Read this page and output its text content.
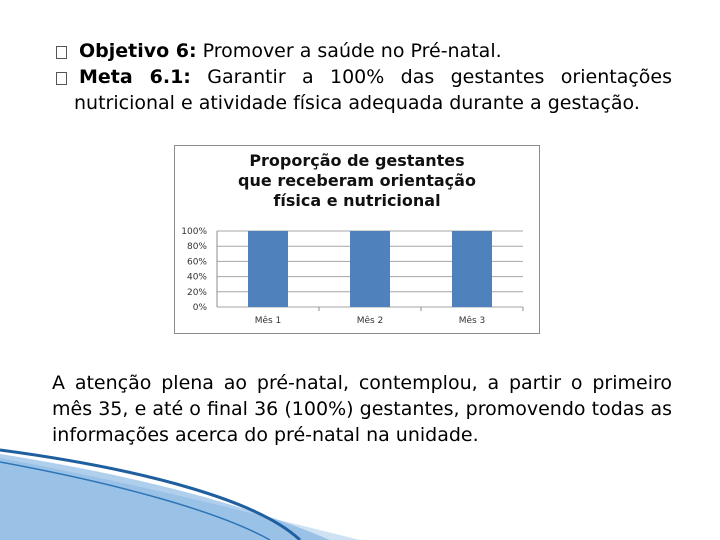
Objetivo 6: Promover a saúde no Pré-natal.
Meta 6.1: Garantir a 100% das gestantes orientações
nutricional e atividade física adequada durante a gestação.
Proporção de gestantes que receberam orientação física e nutricional
0%
20%
40%
60%
80%
100%
Mês 1	Mês 2	Mês 3
A atenção plena ao pré-natal, contemplou, a partir o primeiro mês 35, e até o final 36 (100%) gestantes, promovendo todas as informações acerca do pré-natal na unidade.
